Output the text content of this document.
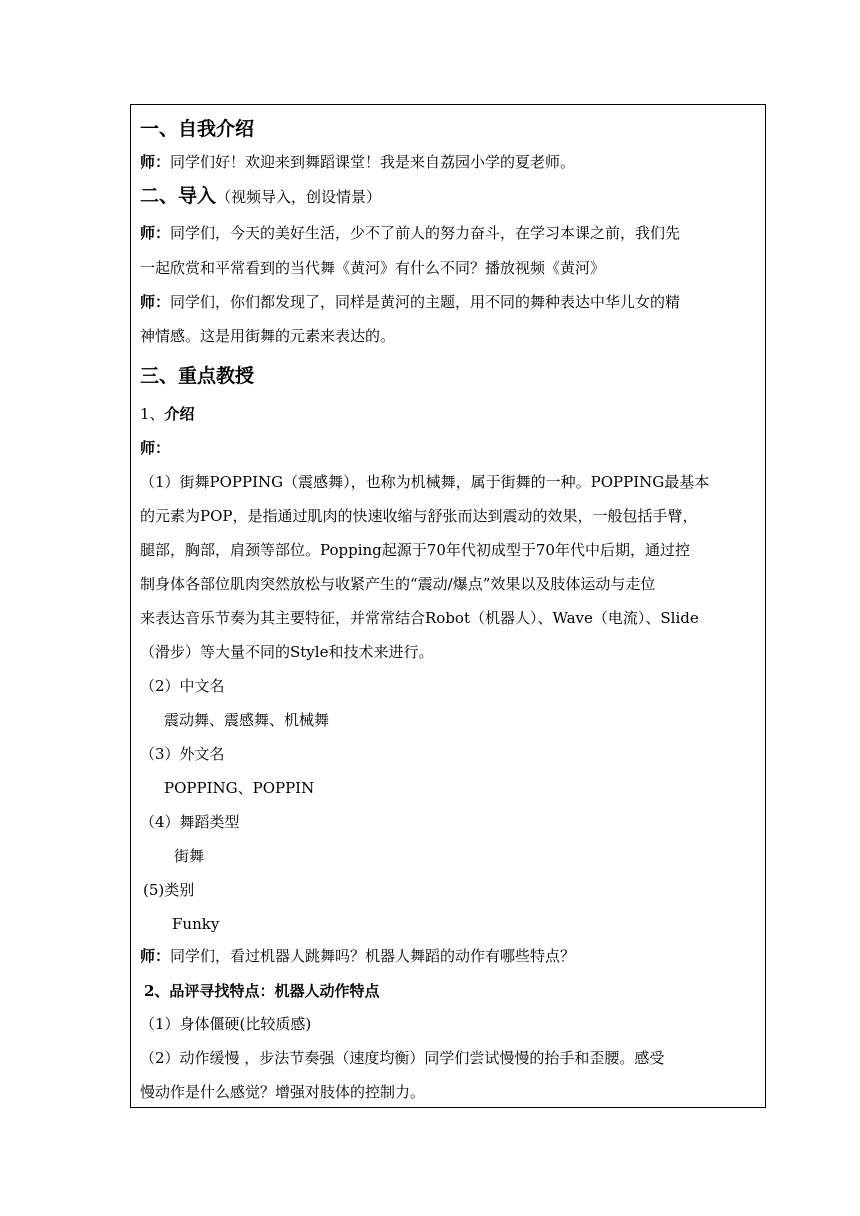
一、自我介绍
师：同学们好！欢迎来到舞蹈课堂！我是来自荔园小学的夏老师。
二、导入（视频导入，创设情景）
师：同学们，今天的美好生活，少不了前人的努力奋斗，在学习本课之前，我们先
一起欣赏和平常看到的当代舞《黄河》有什么不同？播放视频《黄河》
师：同学们，你们都发现了，同样是黄河的主题，用不同的舞种表达中华儿女的精
神情感。这是用街舞的元素来表达的。
三、重点教授
1、介绍
师：
（1）街舞POPPING（震感舞），也称为机械舞，属于街舞的一种。POPPING最基本
的元素为POP，是指通过肌肉的快速收缩与舒张而达到震动的效果，一般包括手臂，
腿部，胸部，肩颈等部位。Popping起源于70年代初成型于70年代中后期，通过控
制身体各部位肌肉突然放松与收紧产生的“震动/爆点”效果以及肢体运动与走位
来表达音乐节奏为其主要特征，并常常结合Robot（机器人）、Wave（电流）、Slide
（滑步）等大量不同的Style和技术来进行。
（2）中文名
震动舞、震感舞、机械舞
（3）外文名
POPPING、POPPIN
（4）舞蹈类型
街舞
(5)类别
Funky
师：同学们，看过机器人跳舞吗？机器人舞蹈的动作有哪些特点？
2、品评寻找特点：机器人动作特点
（1）身体僵硬(比较质感)
（2）动作缓慢 ，步法节奏强（速度均衡）同学们尝试慢慢的抬手和歪腰。感受
慢动作是什么感觉？增强对肢体的控制力。
